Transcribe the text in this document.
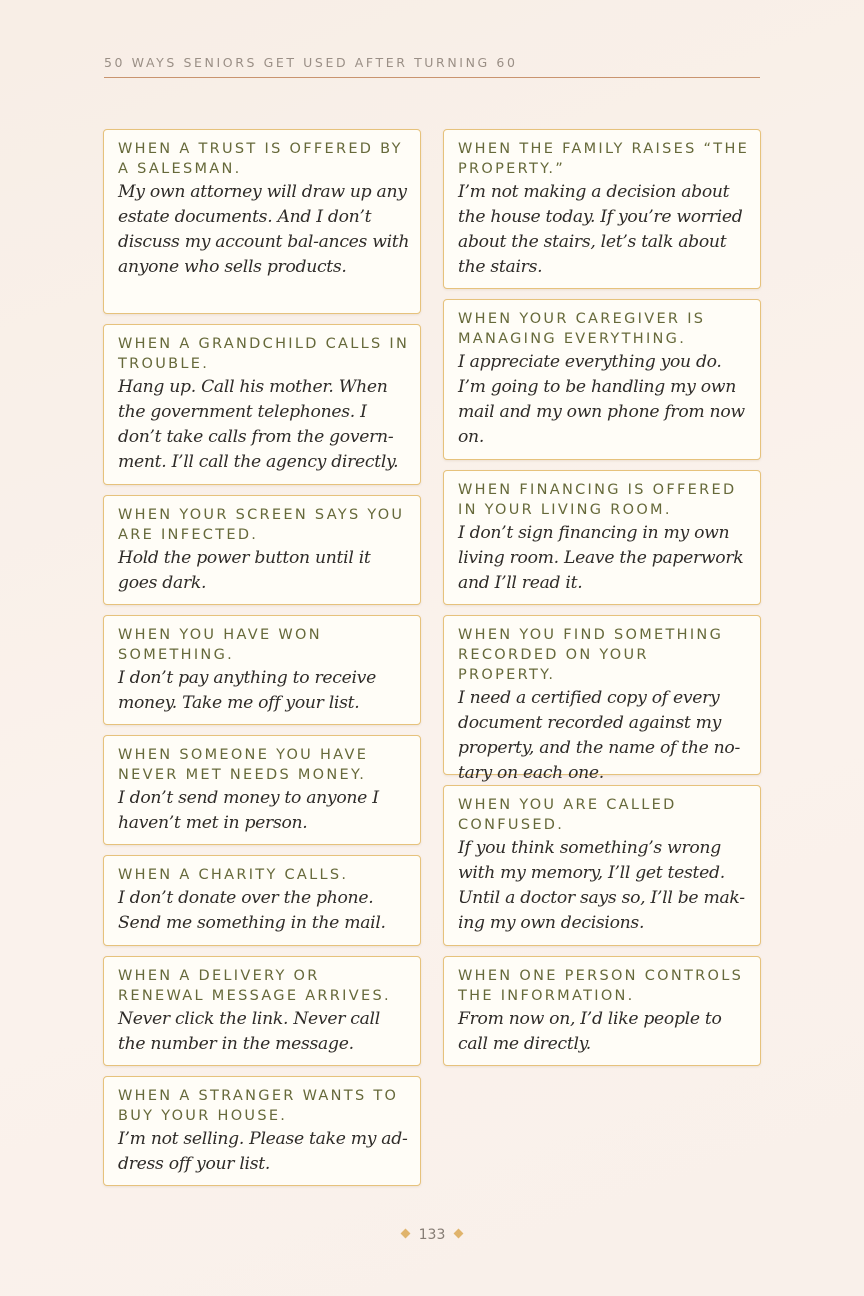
50 WAYS SENIORS GET USED AFTER TURNING 60
WHEN A TRUST IS OFFERED BY A SALESMAN.
My own attorney will draw up any estate documents. And I don’t discuss my account bal-ances with anyone who sells products.
WHEN A GRANDCHILD CALLS IN TROUBLE.
Hang up. Call his mother. When the government telephones. I don’t take calls from the govern-ment. I’ll call the agency directly.
WHEN YOUR SCREEN SAYS YOU ARE INFECTED.
Hold the power button until it goes dark.
WHEN YOU HAVE WON SOMETHING.
I don’t pay anything to receive money. Take me off your list.
WHEN SOMEONE YOU HAVE NEVER MET NEEDS MONEY.
I don’t send money to anyone I haven’t met in person.
WHEN A CHARITY CALLS.
I don’t donate over the phone. Send me something in the mail.
WHEN A DELIVERY OR RENEWAL MESSAGE ARRIVES.
Never click the link. Never call the number in the message.
WHEN A STRANGER WANTS TO BUY YOUR HOUSE.
I’m not selling. Please take my ad-dress off your list.
WHEN THE FAMILY RAISES “THE PROPERTY.”
I’m not making a decision about the house today. If you’re worried about the stairs, let’s talk about the stairs.
WHEN YOUR CAREGIVER IS MANAGING EVERYTHING.
I appreciate everything you do. I’m going to be handling my own mail and my own phone from now on.
WHEN FINANCING IS OFFERED IN YOUR LIVING ROOM.
I don’t sign financing in my own living room. Leave the paperwork and I’ll read it.
WHEN YOU FIND SOMETHING RECORDED ON YOUR PROPERTY.
I need a certified copy of every document recorded against my property, and the name of the no-tary on each one.
WHEN YOU ARE CALLED CONFUSED.
If you think something’s wrong with my memory, I’ll get tested. Until a doctor says so, I’ll be mak-ing my own decisions.
WHEN ONE PERSON CONTROLS THE INFORMATION.
From now on, I’d like people to call me directly.
133
